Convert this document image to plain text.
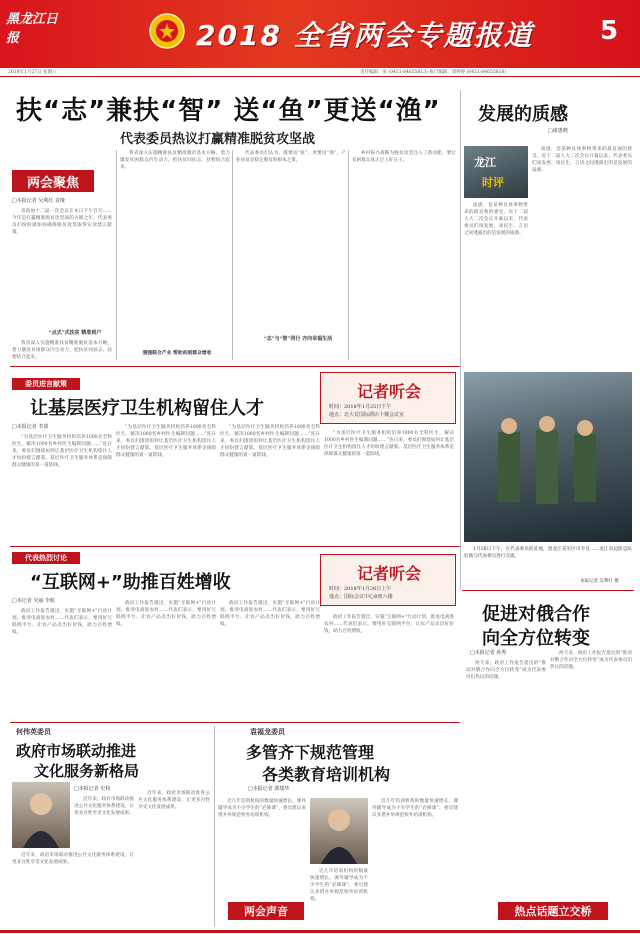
黑龙江日报	2018 全省两会专题报道	5
2018年1月27日 星期六	责任编辑：张 (0451-84655813) 执行编辑：周婷婷 (0451-84655818)
扶“志”兼扶“智” 送“鱼”更送“渔”
代表委员热议打赢精准脱贫攻坚战
两会聚焦
□本报记者 吴利红 袁缘

省政协十二届一次会议在本日下午召开……今年是打赢精准脱贫攻坚战的关键之年，代表委员们纷纷就如何确保脱贫攻坚取得实效建言献策。

“点式”式扶贫 精准到户

我省深入实施精准扶贫精准脱贫基本方略，着力激发贫困群众内生动力，把扶贫同扶志、扶智结合起来。

我省深入实施精准扶贫精准脱贫基本方略，着力激发贫困群众内生动力，把扶贫同扶志、扶智结合起来。

强强联合产业 帮助贫困群众增收

代表委员们认为，既要送“鱼”，更要送“渔”，产业扶贫是稳定脱贫的根本之策。

“志”与“智”同行 齐向幸福生活

乡村振兴战略为脱贫攻坚注入了新动能，要让贫困群众真正过上好日子。

发展的质感
□康惠晓
龙江
时评

质感，是某种具体事物带来的最直观的感受。省十二届人大二次会议开幕以来，代表委员们谈发展、谈民生，言语之间透露出的是发展的质感。

质感，是某种具体事物带来的最直观的感受。省十二届人大二次会议开幕以来，代表委员们谈发展、谈民生，言语之间透露出的是发展的质感。

1月26日下午，在代表委员的驻地，黑龙江省军区司令员……龙江省边防总队驻地与代表委员进行交流。

本报记者 吴利红 摄
委员进言献策
让基层医疗卫生机构留住人才
□本报记者 李慕

“为基层医疗卫生服务机构培养1000名全科医生，解决1000名乡村医生编制问题……”连日来，委员们围绕如何让基层医疗卫生机构留住人才纷纷建言献策。基层医疗卫生服务体系是保障群众健康的第一道防线。

“为基层医疗卫生服务机构培养1000名全科医生，解决1000名乡村医生编制问题……”连日来，委员们围绕如何让基层医疗卫生机构留住人才纷纷建言献策。基层医疗卫生服务体系是保障群众健康的第一道防线。

“为基层医疗卫生服务机构培养1000名全科医生，解决1000名乡村医生编制问题……”连日来，委员们围绕如何让基层医疗卫生机构留住人才纷纷建言献策。基层医疗卫生服务体系是保障群众健康的第一道防线。

“为基层医疗卫生服务机构培养1000名全科医生，解决1000名乡村医生编制问题……”连日来，委员们围绕如何让基层医疗卫生机构留住人才纷纷建言献策。基层医疗卫生服务体系是保障群众健康的第一道防线。

记者听会
时间：2018年1月25日下午
地点：北大荒国际酒店十楼会议室
代表热烈讨论
“互联网+”助推百姓增收
□本记者 吴丽 李航

政府工作报告提出，实施“互联网+”行动计划，推进电商进农村……代表们表示，要用好互联网平台，让农产品卖出好价钱，助力百姓增收。

政府工作报告提出，实施“互联网+”行动计划，推进电商进农村……代表们表示，要用好互联网平台，让农产品卖出好价钱，助力百姓增收。

政府工作报告提出，实施“互联网+”行动计划，推进电商进农村……代表们表示，要用好互联网平台，让农产品卖出好价钱，助力百姓增收。

政府工作报告提出，实施“互联网+”行动计划，推进电商进农村……代表们表示，要用好互联网平台，让农产品卖出好价钱，助力百姓增收。

记者听会
时间：2018年1月26日上午
地点：国际会议中心B座六楼
促进对俄合作
向全方位转变
□本报记者 孙秀

两天来，政府工作报告提出的“推动对俄合作向全方位转变”成为代表委员们热议的话题。

两天来，政府工作报告提出的“推动对俄合作向全方位转变”成为代表委员们热议的话题。

热点话题立交桥
何伟英委员
政府市场联动推进
文化服务新格局
□本报记者 史和

近年来，政府市场联动推进公共文化服务体系建设，让更多百姓享受文化发展成果。

近年来，政府市场联动推进公共文化服务体系建设，让更多百姓享受文化发展成果。

近年来，政府市场联动推进公共文化服务体系建设，让更多百姓享受文化发展成果。

袁福龙委员
多管齐下规范管理
各类教育培训机构
□本报记者 郭瑞华

近几年培训机构的数量快速增长，课外辅导成为不少学生的“必修课”，委员建议多措并举规范校外培训机构。

近几年培训机构的数量快速增长，课外辅导成为不少学生的“必修课”，委员建议多措并举规范校外培训机构。

近几年培训机构的数量快速增长，课外辅导成为不少学生的“必修课”，委员建议多措并举规范校外培训机构。

两会声音
